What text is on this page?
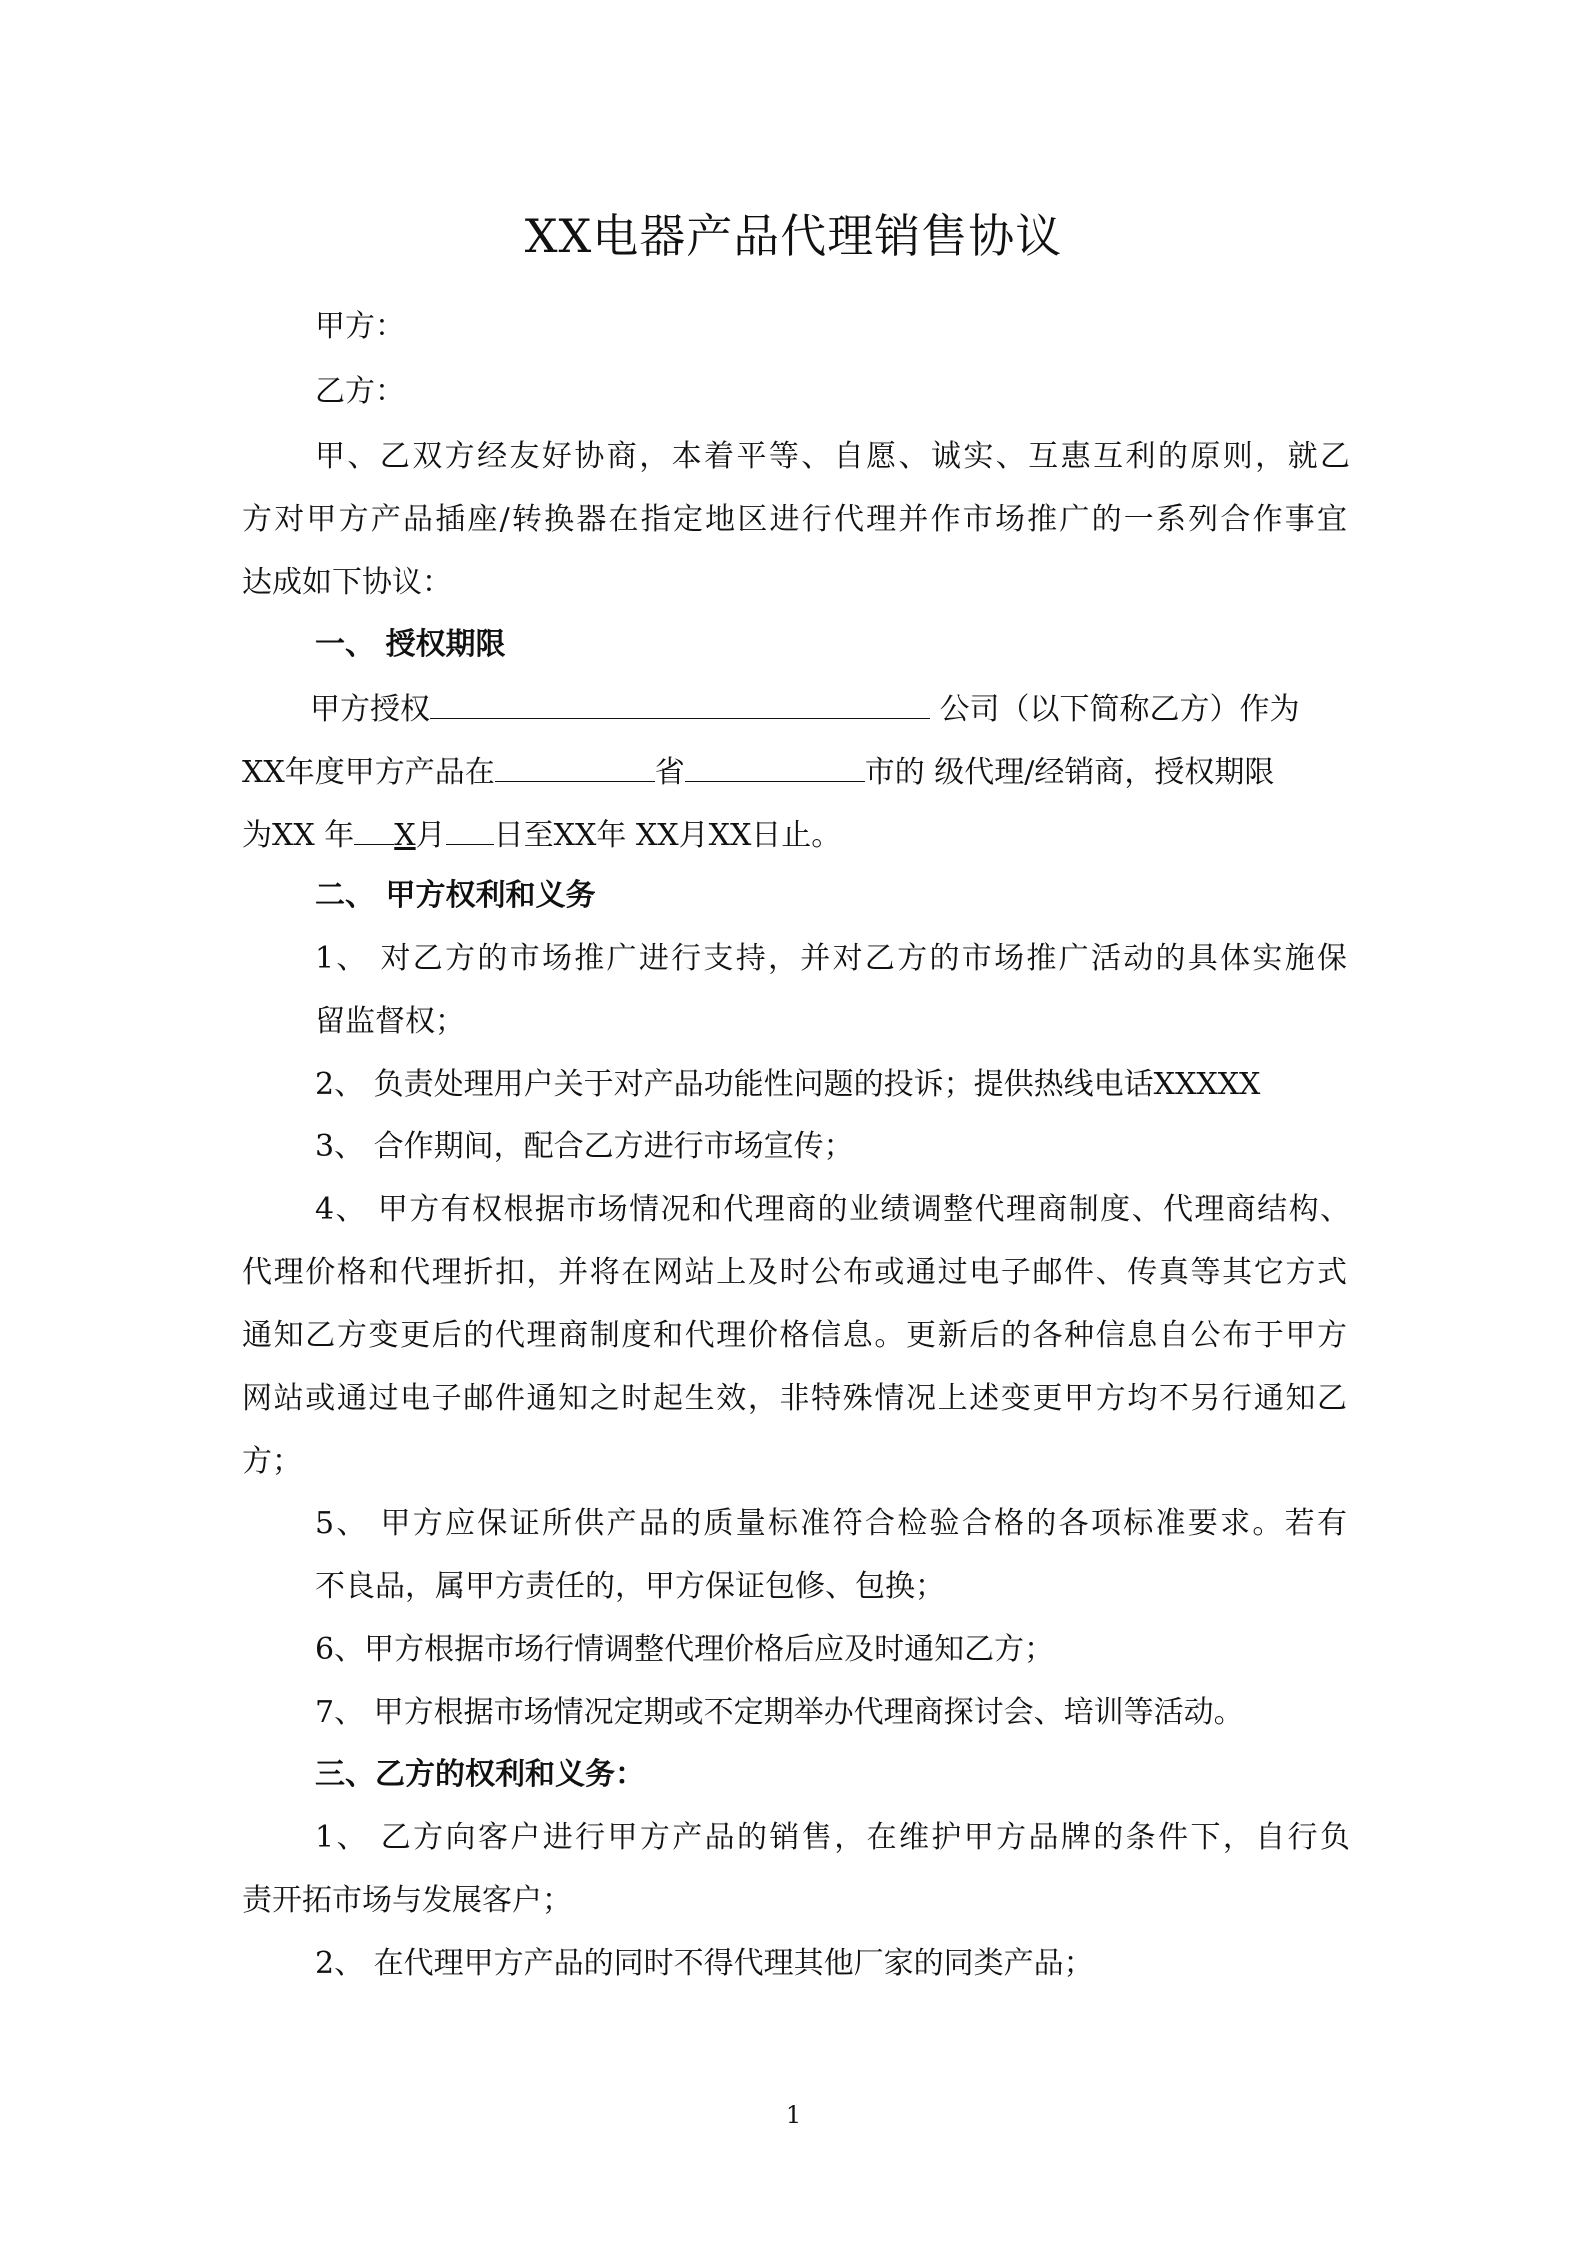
XX电器产品代理销售协议
甲方：
乙方：
甲、乙双方经友好协商，本着平等、自愿、诚实、互惠互利的原则，就乙
方对甲方产品插座/转换器在指定地区进行代理并作市场推广的一系列合作事宜
达成如下协议：
一、 授权期限
甲方授权	公司（以下简称乙方）作为
XX年度甲方产品在	省	市的 级代理/经销商，授权期限
为XX 年 X月 日至XX年 XX月XX日止。
二、 甲方权利和义务
1、 对乙方的市场推广进行支持，并对乙方的市场推广活动的具体实施保
留监督权；
2、 负责处理用户关于对产品功能性问题的投诉；提供热线电话XXXXX
3、 合作期间，配合乙方进行市场宣传；
4、 甲方有权根据市场情况和代理商的业绩调整代理商制度、代理商结构、
代理价格和代理折扣，并将在网站上及时公布或通过电子邮件、传真等其它方式
通知乙方变更后的代理商制度和代理价格信息。更新后的各种信息自公布于甲方
网站或通过电子邮件通知之时起生效，非特殊情况上述变更甲方均不另行通知乙
方；
5、 甲方应保证所供产品的质量标准符合检验合格的各项标准要求。若有
不良品，属甲方责任的，甲方保证包修、包换；
6、甲方根据市场行情调整代理价格后应及时通知乙方；
7、 甲方根据市场情况定期或不定期举办代理商探讨会、培训等活动。
三、乙方的权利和义务：
1、 乙方向客户进行甲方产品的销售，在维护甲方品牌的条件下，自行负
责开拓市场与发展客户；
2、 在代理甲方产品的同时不得代理其他厂家的同类产品；
1
